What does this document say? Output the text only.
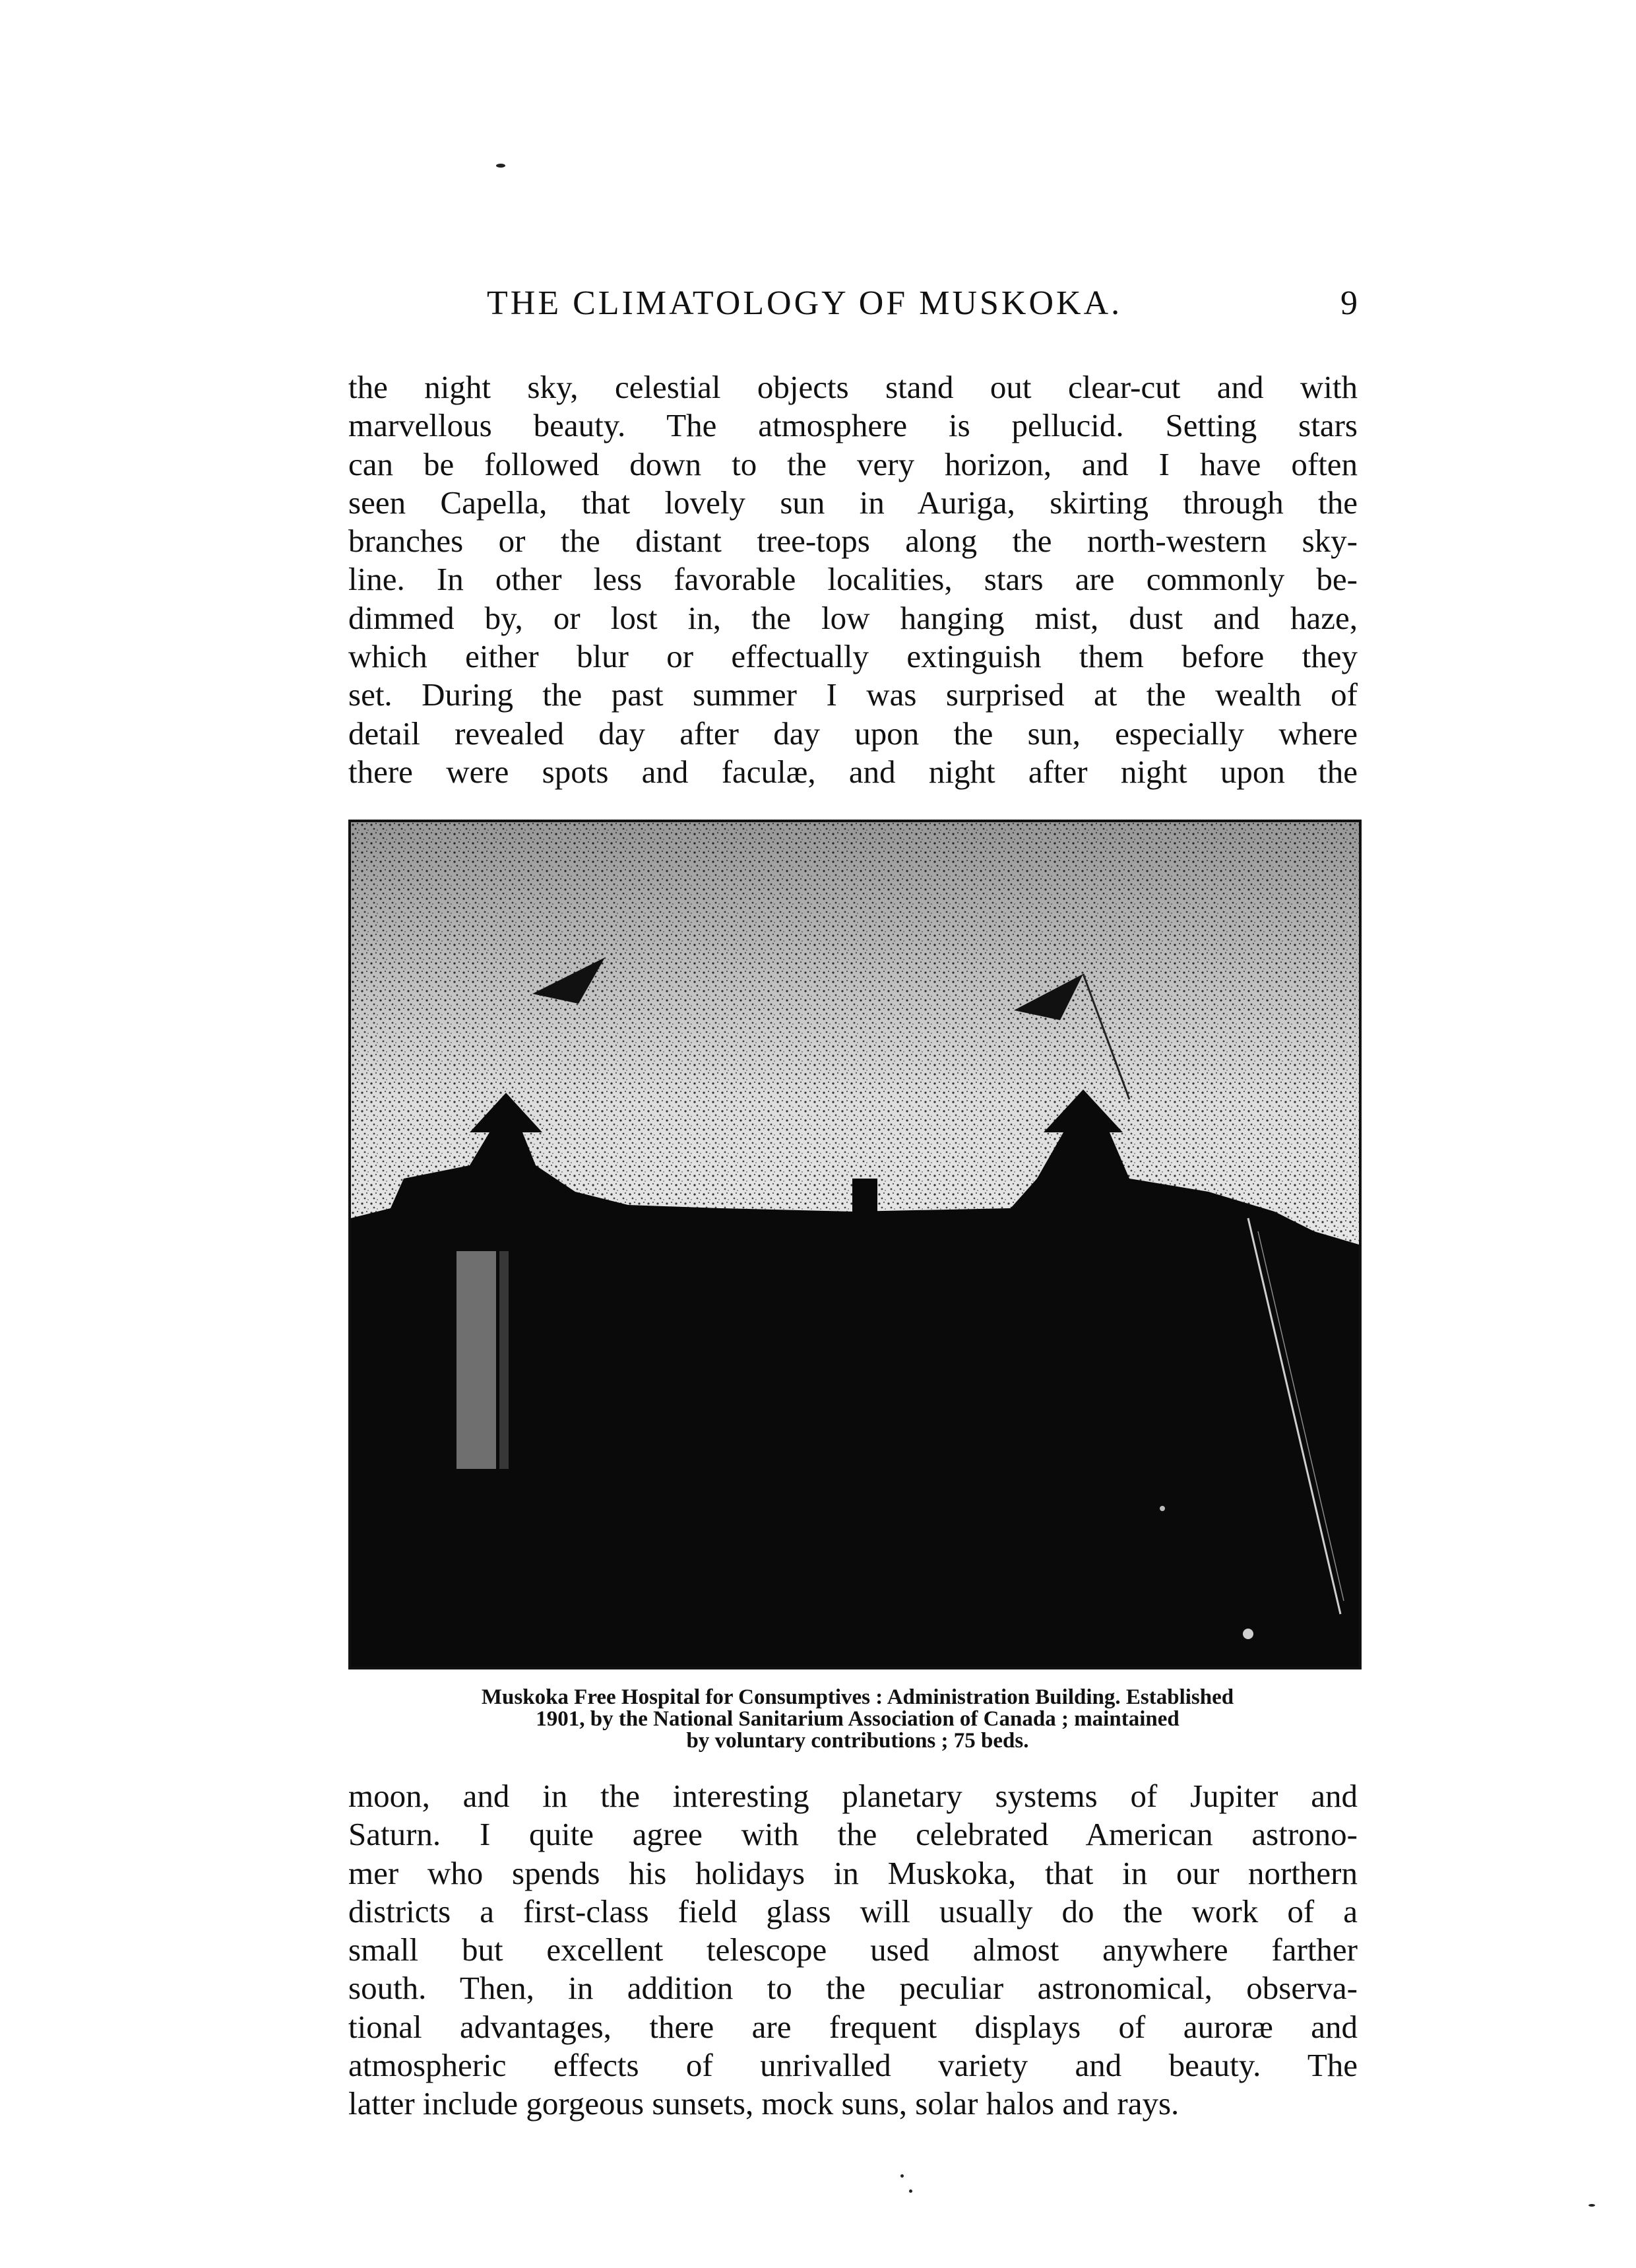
THE CLIMATOLOGY OF MUSKOKA.	9
the night sky, celestial objects stand out clear-cut and with
marvellous beauty. The atmosphere is pellucid. Setting stars
can be followed down to the very horizon, and I have often
seen Capella, that lovely sun in Auriga, skirting through the
branches or the distant tree-tops along the north-western sky-
line. In other less favorable localities, stars are commonly be-
dimmed by, or lost in, the low hanging mist, dust and haze,
which either blur or effectually extinguish them before they
set. During the past summer I was surprised at the wealth of
detail revealed day after day upon the sun, especially where
there were spots and faculæ, and night after night upon the
Muskoka Free Hospital for Consumptives : Administration Building. Established
1901, by the National Sanitarium Association of Canada ; maintained
by voluntary contributions ; 75 beds.
moon, and in the interesting planetary systems of Jupiter and
Saturn. I quite agree with the celebrated American astrono-
mer who spends his holidays in Muskoka, that in our northern
districts a first-class field glass will usually do the work of a
small but excellent telescope used almost anywhere farther
south. Then, in addition to the peculiar astronomical, observa-
tional advantages, there are frequent displays of auroræ and
atmospheric effects of unrivalled variety and beauty. The
latter include gorgeous sunsets, mock suns, solar halos and rays.
